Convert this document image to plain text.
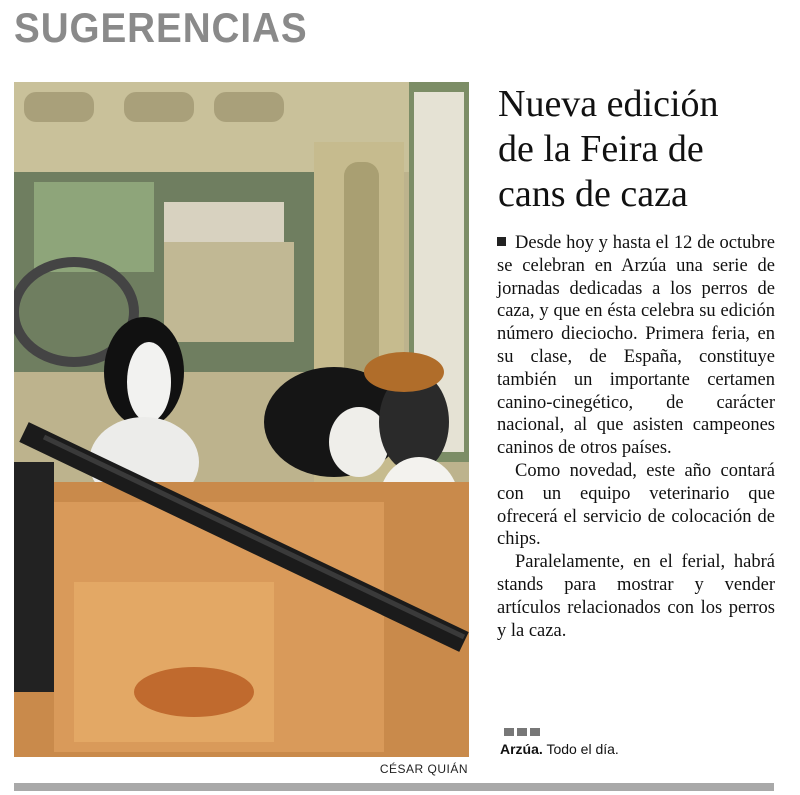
SUGERENCIAS
CÉSAR QUIÁN
Nueva edición
de la Feira de
cans de caza

Desde hoy y hasta el 12 de octubre se celebran en Arzúa una serie de jornadas dedicadas a los perros de caza, y que en ésta celebra su edición número dieciocho. Primera feria, en su clase, de España, constituye también un importante certamen canino-cinegético, de carácter nacional, al que asisten campeones caninos de otros países.

Como novedad, este año contará con un equipo veterinario que ofrecerá el servicio de colocación de chips.

Paralelamente, en el ferial, habrá stands para mostrar y vender artículos relacionados con los perros y la caza.

Arzúa. Todo el día.
